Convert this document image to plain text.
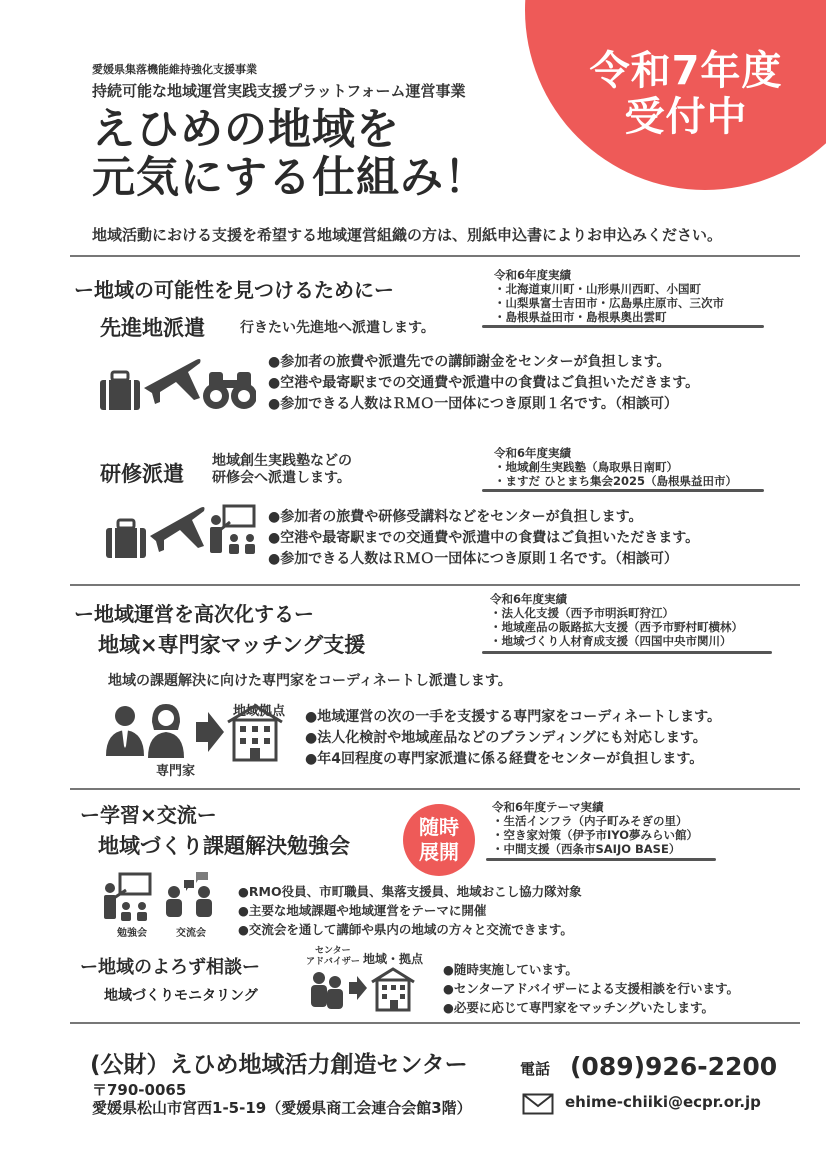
令和7年度
受付中
愛媛県集落機能維持強化支援事業
持続可能な地域運営実践支援プラットフォーム運営事業
えひめの地域を
元気にする仕組み！
地域活動における支援を希望する地域運営組織の方は、別紙申込書によりお申込みください。
ー地域の可能性を見つけるためにー
令和6年度実績
・北海道東川町・山形県川西町、小国町
・山梨県富士吉田市・広島県庄原市、三次市
・島根県益田市・島根県奥出雲町
先進地派遣	行きたい先進地へ派遣します。
●参加者の旅費や派遣先での講師謝金をセンターが負担します。
●空港や最寄駅までの交通費や派遣中の食費はご負担いただきます。
●参加できる人数はＲＭＯ一団体につき原則１名です。（相談可）
令和6年度実績
・地域創生実践塾（鳥取県日南町）
・ますだ ひとまち集会2025（島根県益田市）
研修派遣
地域創生実践塾などの
研修会へ派遣します。
●参加者の旅費や研修受講料などをセンターが負担します。
●空港や最寄駅までの交通費や派遣中の食費はご負担いただきます。
●参加できる人数はＲＭＯ一団体につき原則１名です。（相談可）
ー地域運営を高次化するー
地域×専門家マッチング支援
令和6年度実績
・法人化支援（西予市明浜町狩江）
・地域産品の販路拡大支援（西予市野村町横林）
・地域づくり人材育成支援（四国中央市関川）
地域の課題解決に向けた専門家をコーディネートし派遣します。
地域拠点
専門家
●地域運営の次の一手を支援する専門家をコーディネートします。
●法人化検討や地域産品などのブランディングにも対応します。
●年4回程度の専門家派遣に係る経費をセンターが負担します。
ー学習×交流ー
地域づくり課題解決勉強会
随時
展開
令和6年度テーマ実績
・生活インフラ（内子町みそぎの里）
・空き家対策（伊予市IYO夢みらい館）
・中間支援（西条市SAIJO BASE）
勉強会	交流会
●RMO役員、市町職員、集落支援員、地域おこし協力隊対象
●主要な地域課題や地域運営をテーマに開催
●交流会を通して講師や県内の地域の方々と交流できます。
ー地域のよろず相談ー
地域づくりモニタリング
センター
アドバイザー 地域・拠点
●随時実施しています。
●センターアドバイザーによる支援相談を行います。
●必要に応じて専門家をマッチングいたします。
(公財）えひめ地域活力創造センター
〒790-0065
愛媛県松山市宮西1-5-19（愛媛県商工会連合会館3階）
電話 (089)926-2200
ehime-chiiki@ecpr.or.jp
